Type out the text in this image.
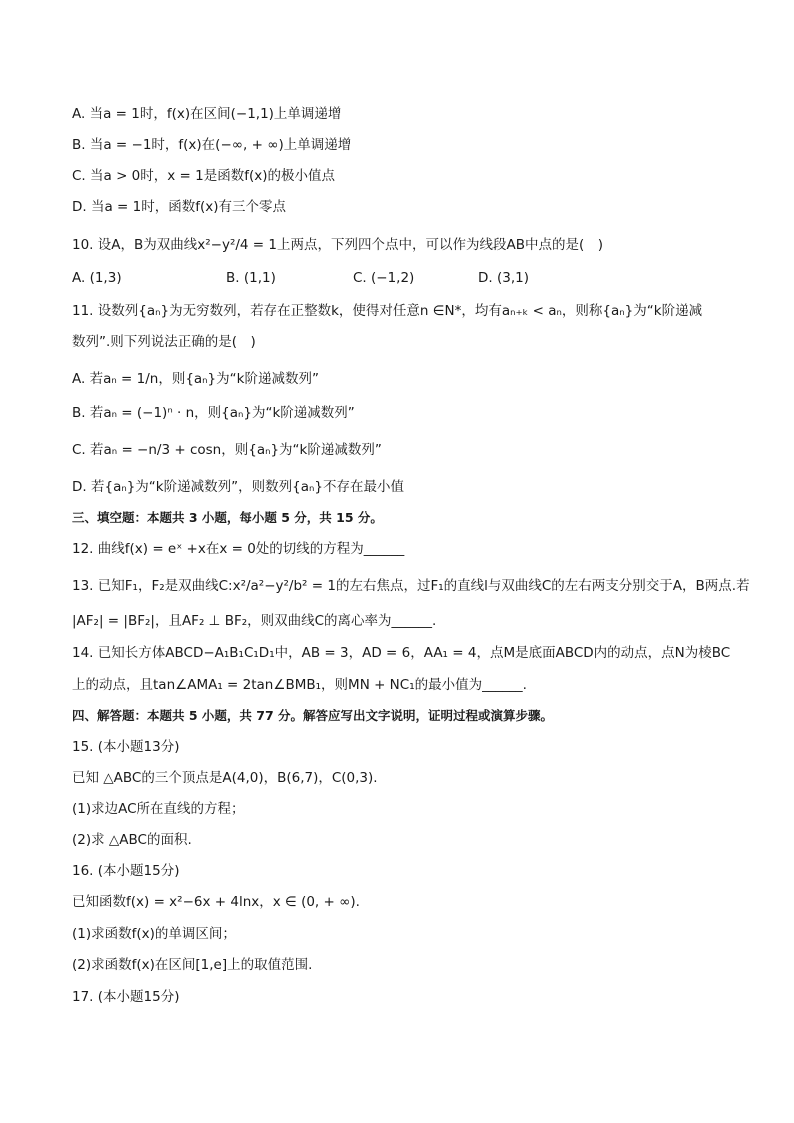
A. 当a = 1时，f(x)在区间(−1,1)上单调递增
B. 当a = −1时，f(x)在(−∞, + ∞)上单调递增
C. 当a > 0时，x = 1是函数f(x)的极小值点
D. 当a = 1时，函数f(x)有三个零点
10. 设A，B为双曲线x²−y²/4 = 1上两点，下列四个点中，可以作为线段AB中点的是(　)
A. (1,3)	B. (1,1)	C. (−1,2)	D. (3,1)
11. 设数列{aₙ}为无穷数列，若存在正整数k，使得对任意n ∈N*，均有aₙ₊ₖ < aₙ，则称{aₙ}为“k阶递减
数列”.则下列说法正确的是(　)
A. 若aₙ = 1/n，则{aₙ}为“k阶递减数列”
B. 若aₙ = (−1)ⁿ · n，则{aₙ}为“k阶递减数列”
C. 若aₙ = −n/3 + cosn，则{aₙ}为“k阶递减数列”
D. 若{aₙ}为“k阶递减数列”，则数列{aₙ}不存在最小值
三、填空题：本题共 3 小题，每小题 5 分，共 15 分。
12. 曲线f(x) = eˣ +x在x = 0处的切线的方程为______
13. 已知F₁，F₂是双曲线C:x²/a²−y²/b² = 1的左右焦点，过F₁的直线l与双曲线C的左右两支分别交于A，B两点.若
|AF₂| = |BF₂|，且AF₂ ⊥ BF₂，则双曲线C的离心率为______.
14. 已知长方体ABCD−A₁B₁C₁D₁中，AB = 3，AD = 6，AA₁ = 4，点M是底面ABCD内的动点，点N为棱BC
上的动点，且tan∠AMA₁ = 2tan∠BMB₁，则MN + NC₁的最小值为______.
四、解答题：本题共 5 小题，共 77 分。解答应写出文字说明，证明过程或演算步骤。
15. (本小题13分)
已知 △ABC的三个顶点是A(4,0)，B(6,7)，C(0,3).
(1)求边AC所在直线的方程；
(2)求 △ABC的面积.
16. (本小题15分)
已知函数f(x) = x²−6x + 4lnx，x ∈ (0, + ∞).
(1)求函数f(x)的单调区间；
(2)求函数f(x)在区间[1,e]上的取值范围.
17. (本小题15分)
